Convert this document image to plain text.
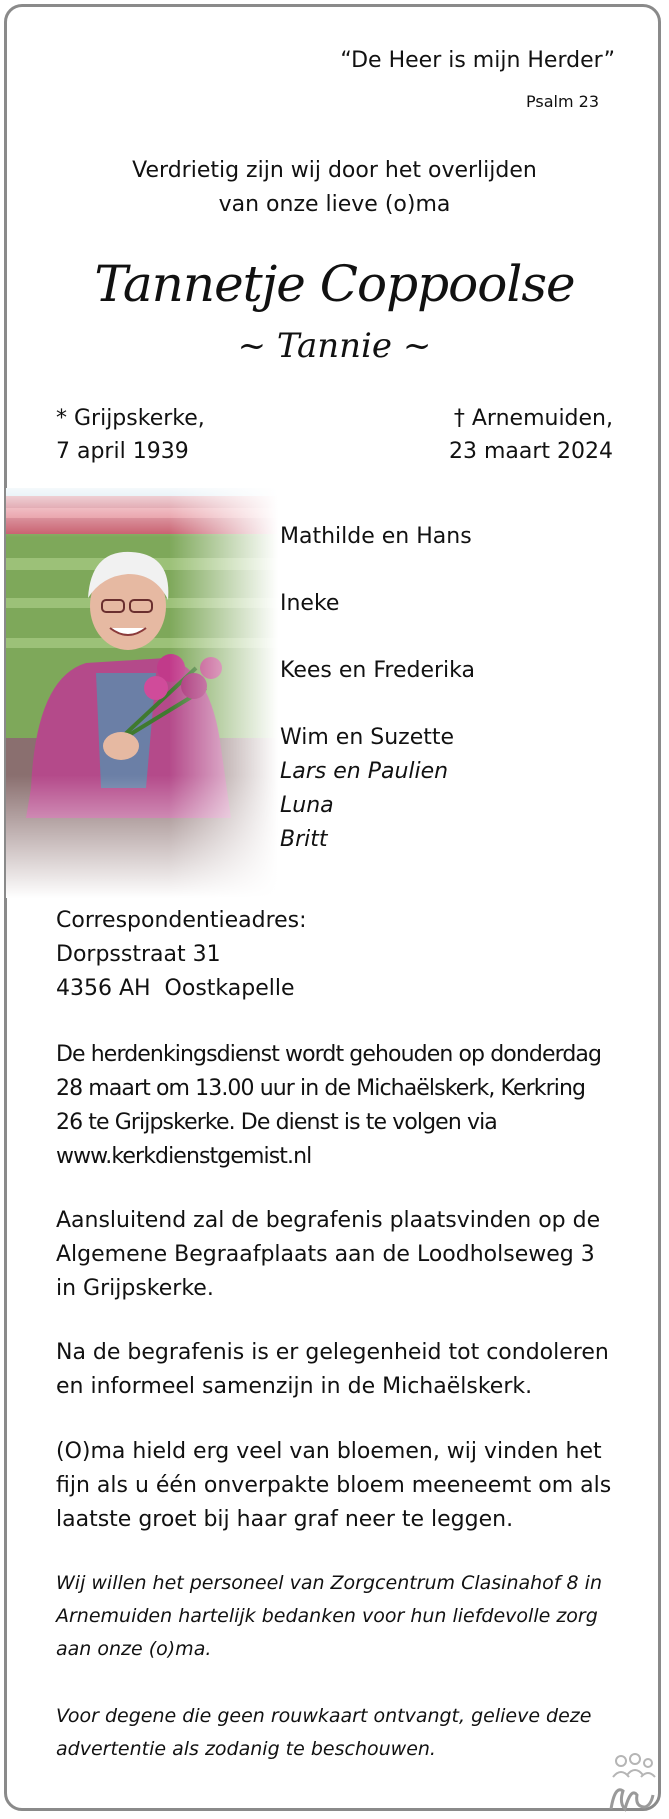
“De Heer is mijn Herder”
Psalm 23
Verdrietig zijn wij door het overlijden
van onze lieve (o)ma
Tannetje Coppoolse
~ Tannie ~
* Grijpskerke,
7 april 1939
† Arnemuiden,
23 maart 2024
Mathilde en Hans
Ineke
Kees en Frederika
Wim en Suzette
Lars en Paulien
Luna
Britt
Correspondentieadres:
Dorpsstraat 31
4356 AH  Oostkapelle
De herdenkingsdienst wordt gehouden op donderdag 28 maart om 13.00 uur in de Michaëlskerk, Kerkring 26 te Grijpskerke. De dienst is te volgen via www.kerkdienstgemist.nl
Aansluitend zal de begrafenis plaatsvinden op de Algemene Begraafplaats aan de Loodholseweg 3 in Grijpskerke.
Na de begrafenis is er gelegenheid tot condoleren en informeel samenzijn in de Michaëlskerk.
(O)ma hield erg veel van bloemen, wij vinden het fijn als u één onverpakte bloem meeneemt om als laatste groet bij haar graf neer te leggen.
Wij willen het personeel van Zorgcentrum Clasinahof 8 in Arnemuiden hartelijk bedanken voor hun liefdevolle zorg aan onze (o)ma.
Voor degene die geen rouwkaart ontvangt, gelieve deze advertentie als zodanig te beschouwen.
